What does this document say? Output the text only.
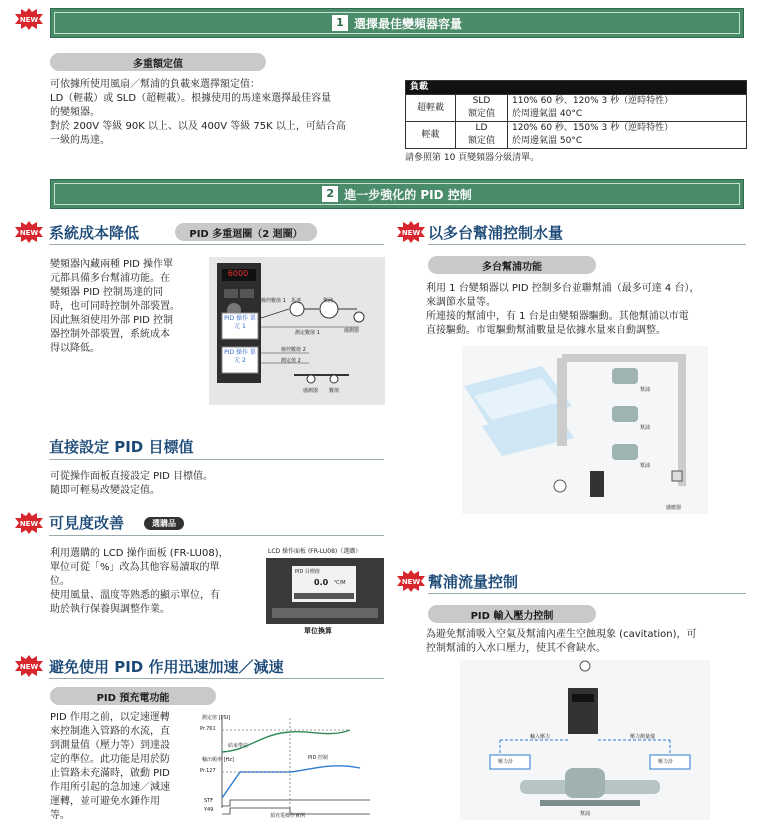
NEW	1 選擇最佳變頻器容量
多重額定值
可依據所使用風扇／幫浦的負載來選擇額定值：
LD（輕載）或 SLD（超輕載）。根據使用的馬達來選擇最佳容量
的變頻器。
對於 200V 等級 90K 以上、以及 400V 等級 75K 以上，可結合高
一級的馬達。
負載		
超輕載	SLD	110% 60 秒、120% 3 秒（逆時特性）
	額定值	於周邊氣溫 40°C
輕載	LD	120% 60 秒、150% 3 秒（逆時特性）
	額定值	於周邊氣溫 50°C
請參照第 10 頁變頻器分級清單。
2 進一步強化的 PID 控制
NEW 系統成本降低	PID 多重迴圈（2 迴圈）
變頻器內藏兩種 PID 操作單
元都具備多台幫浦功能。在
變頻器 PID 控制馬達的同
時，也可同時控制外部裝置。
因此無須使用外部 PID 控制
器控制外部裝置，系統成本
得以降低。
6000
PID 操作 單元 1
PID 操作 單元 2
操控數值 1 馬達	幫浦
測定數值 1	感測器
操控數值 2
測定值 2
感測器 數值
NEW 以多台幫浦控制水量
多台幫浦功能
利用 1 台變頻器以 PID 控制多台並聯幫浦（最多可達 4 台），
來調節水量等。
所連接的幫浦中，有 1 台是由變頻器驅動。其他幫浦以市電
直接驅動。市電驅動幫浦數量是依據水量來自動調整。
幫浦
幫浦
幫浦
感應器
直接設定 PID 目標值
可從操作面板直接設定 PID 目標值。
隨即可輕易改變設定值。
NEW 可見度改善	選購品
利用選購的 LCD 操作面板 (FR-LU08)，
單位可從「%」改為其他容易讀取的單
位。
使用風量、溫度等熟悉的顯示單位，有
助於執行保養與調整作業。
LCD 操作面板 (FR-LU08)（選購）
PID 目標值
0.0 ℃/M
單位換算
NEW 幫浦流量控制
PID 輸入壓力控制
為避免幫浦吸入空氣及幫浦內產生空蝕現象 (cavitation)，可
控制幫浦的入水口壓力，使其不會缺水。
輸入壓力	壓力測量儀
壓力計	壓力計
幫浦
NEW 避免使用 PID 作用迅速加速／減速
PID 預充電功能
PID 作用之前，以定速運轉
來控制進入管路的水流，直
到測量值（壓力等）到達設
定的準位。此功能是用於防
止管路未充滿時，啟動 PID
作用所引起的急加速／減速
運轉，並可避免水錘作用
等。
測定值 [PSI]
Pr.761
結束準位
輸出頻率 [Hz]
Pr.127
PID 控制
STF
Y49
預充電操作實例
